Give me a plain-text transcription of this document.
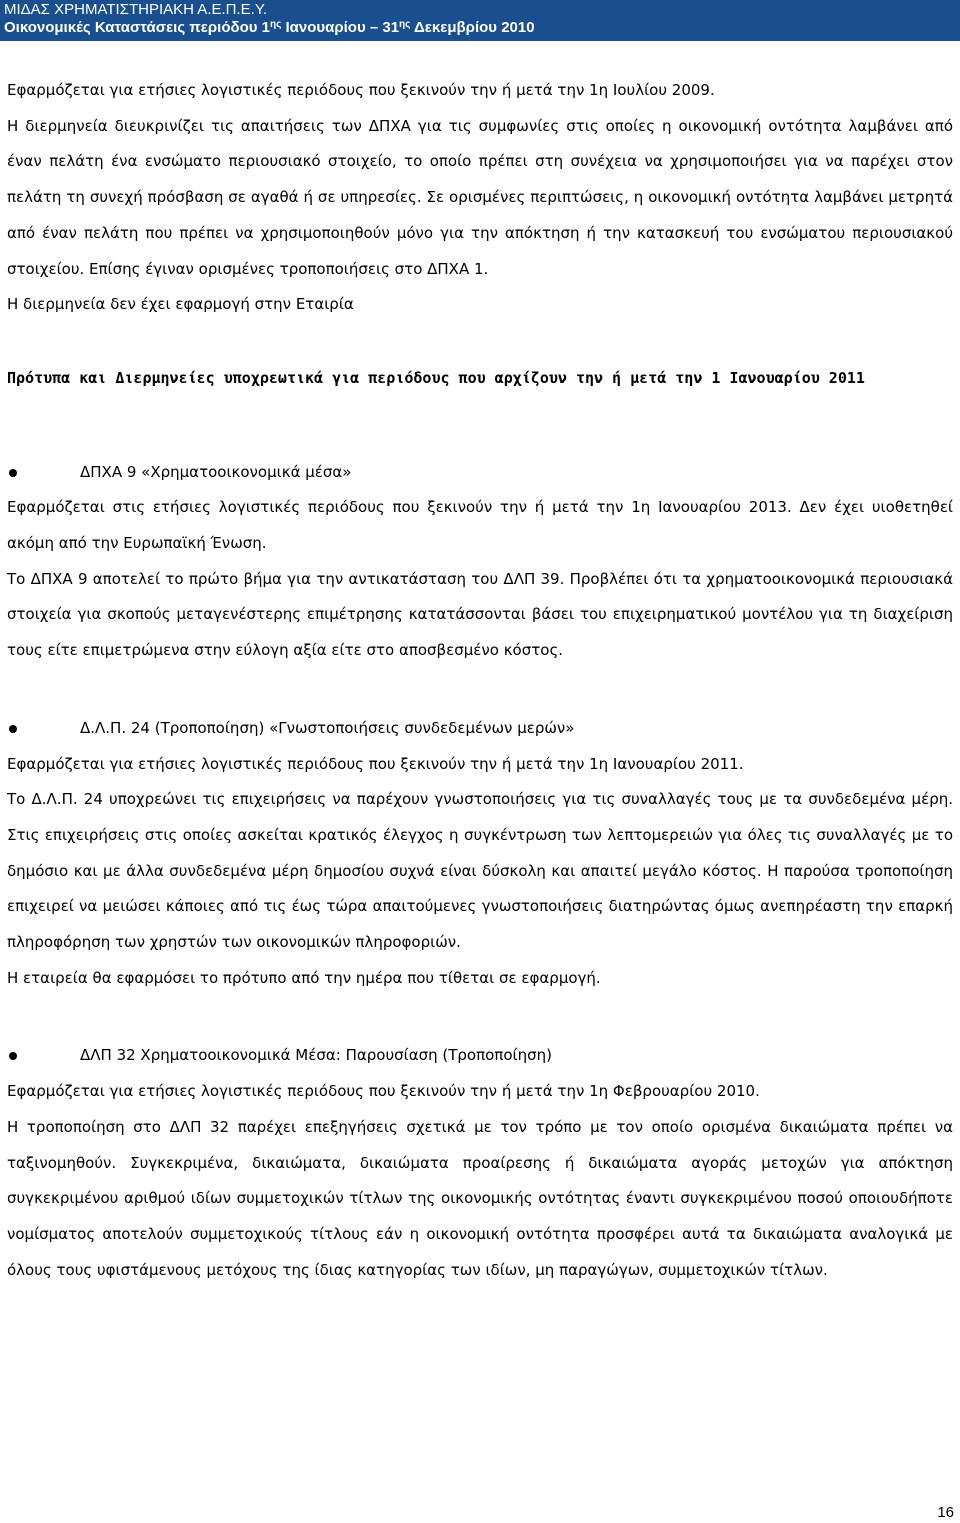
ΜΙΔΑΣ ΧΡΗΜΑΤΙΣΤΗΡΙΑΚΗ Α.Ε.Π.Ε.Υ.
Οικονομικές Καταστάσεις περιόδου $1^{\eta\varsigma}$ Ιανουαρίου – $31^{\eta\varsigma}$ Δεκεμβρίου 2010

Εφαρμόζεται για ετήσιες λογιστικές περιόδους που ξεκινούν την ή μετά την 1η Ιουλίου 2009.

Η διερμηνεία διευκρινίζει τις απαιτήσεις των ΔΠΧΑ για τις συμφωνίες στις οποίες η οικονομική οντότητα λαμβάνει από έναν πελάτη ένα ενσώματο περιουσιακό στοιχείο, το οποίο πρέπει στη συνέχεια να χρησιμοποιήσει για να παρέχει στον πελάτη τη συνεχή πρόσβαση σε αγαθά ή σε υπηρεσίες. Σε ορισμένες περιπτώσεις, η οικονομική οντότητα λαμβάνει μετρητά από έναν πελάτη που πρέπει να χρησιμοποιηθούν μόνο για την απόκτηση ή την κατασκευή του ενσώματου περιουσιακού στοιχείου. Επίσης έγιναν ορισμένες τροποποιήσεις στο ΔΠΧΑ 1.

Η διερμηνεία δεν έχει εφαρμογή στην Εταιρία

Πρότυπα και Διερμηνείες υποχρεωτικά για περιόδους που αρχίζουν την ή μετά την 1 Ιανουαρίου 2011

ΔΠΧΑ 9 «Χρηματοοικονομικά μέσα»

Εφαρμόζεται στις ετήσιες λογιστικές περιόδους που ξεκινούν την ή μετά την 1η Ιανουαρίου 2013. Δεν έχει υιοθετηθεί ακόμη από την Ευρωπαϊκή Ένωση.

Το ΔΠΧΑ 9 αποτελεί το πρώτο βήμα για την αντικατάσταση του ΔΛΠ 39. Προβλέπει ότι τα χρηματοοικονομικά περιουσιακά στοιχεία για σκοπούς μεταγενέστερης επιμέτρησης κατατάσσονται βάσει του επιχειρηματικού μοντέλου για τη διαχείριση τους είτε επιμετρώμενα στην εύλογη αξία είτε στο αποσβεσμένο κόστος.

Δ.Λ.Π. 24 (Τροποποίηση) «Γνωστοποιήσεις συνδεδεμένων μερών»

Εφαρμόζεται για ετήσιες λογιστικές περιόδους που ξεκινούν την ή μετά την 1η Ιανουαρίου 2011.

Το Δ.Λ.Π. 24 υποχρεώνει τις επιχειρήσεις να παρέχουν γνωστοποιήσεις για τις συναλλαγές τους με τα συνδεδεμένα μέρη. Στις επιχειρήσεις στις οποίες ασκείται κρατικός έλεγχος η συγκέντρωση των λεπτομερειών για όλες τις συναλλαγές με το δημόσιο και με άλλα συνδεδεμένα μέρη δημοσίου συχνά είναι δύσκολη και απαιτεί μεγάλο κόστος. Η παρούσα τροποποίηση επιχειρεί να μειώσει κάποιες από τις έως τώρα απαιτούμενες γνωστοποιήσεις διατηρώντας όμως ανεπηρέαστη την επαρκή πληροφόρηση των χρηστών των οικονομικών πληροφοριών.

Η εταιρεία θα εφαρμόσει το πρότυπο από την ημέρα που τίθεται σε εφαρμογή.

ΔΛΠ 32 Χρηματοοικονομικά Μέσα: Παρουσίαση (Τροποποίηση)

Εφαρμόζεται για ετήσιες λογιστικές περιόδους που ξεκινούν την ή μετά την 1η Φεβρουαρίου 2010.

Η τροποποίηση στο ΔΛΠ 32 παρέχει επεξηγήσεις σχετικά με τον τρόπο με τον οποίο ορισμένα δικαιώματα πρέπει να ταξινομηθούν. Συγκεκριμένα, δικαιώματα, δικαιώματα προαίρεσης ή δικαιώματα αγοράς μετοχών για απόκτηση συγκεκριμένου αριθμού ιδίων συμμετοχικών τίτλων της οικονομικής οντότητας έναντι συγκεκριμένου ποσού οποιουδήποτε νομίσματος αποτελούν συμμετοχικούς τίτλους εάν η οικονομική οντότητα προσφέρει αυτά τα δικαιώματα αναλογικά με όλους τους υφιστάμενους μετόχους της ίδιας κατηγορίας των ιδίων, μη παραγώγων, συμμετοχικών τίτλων.

16
